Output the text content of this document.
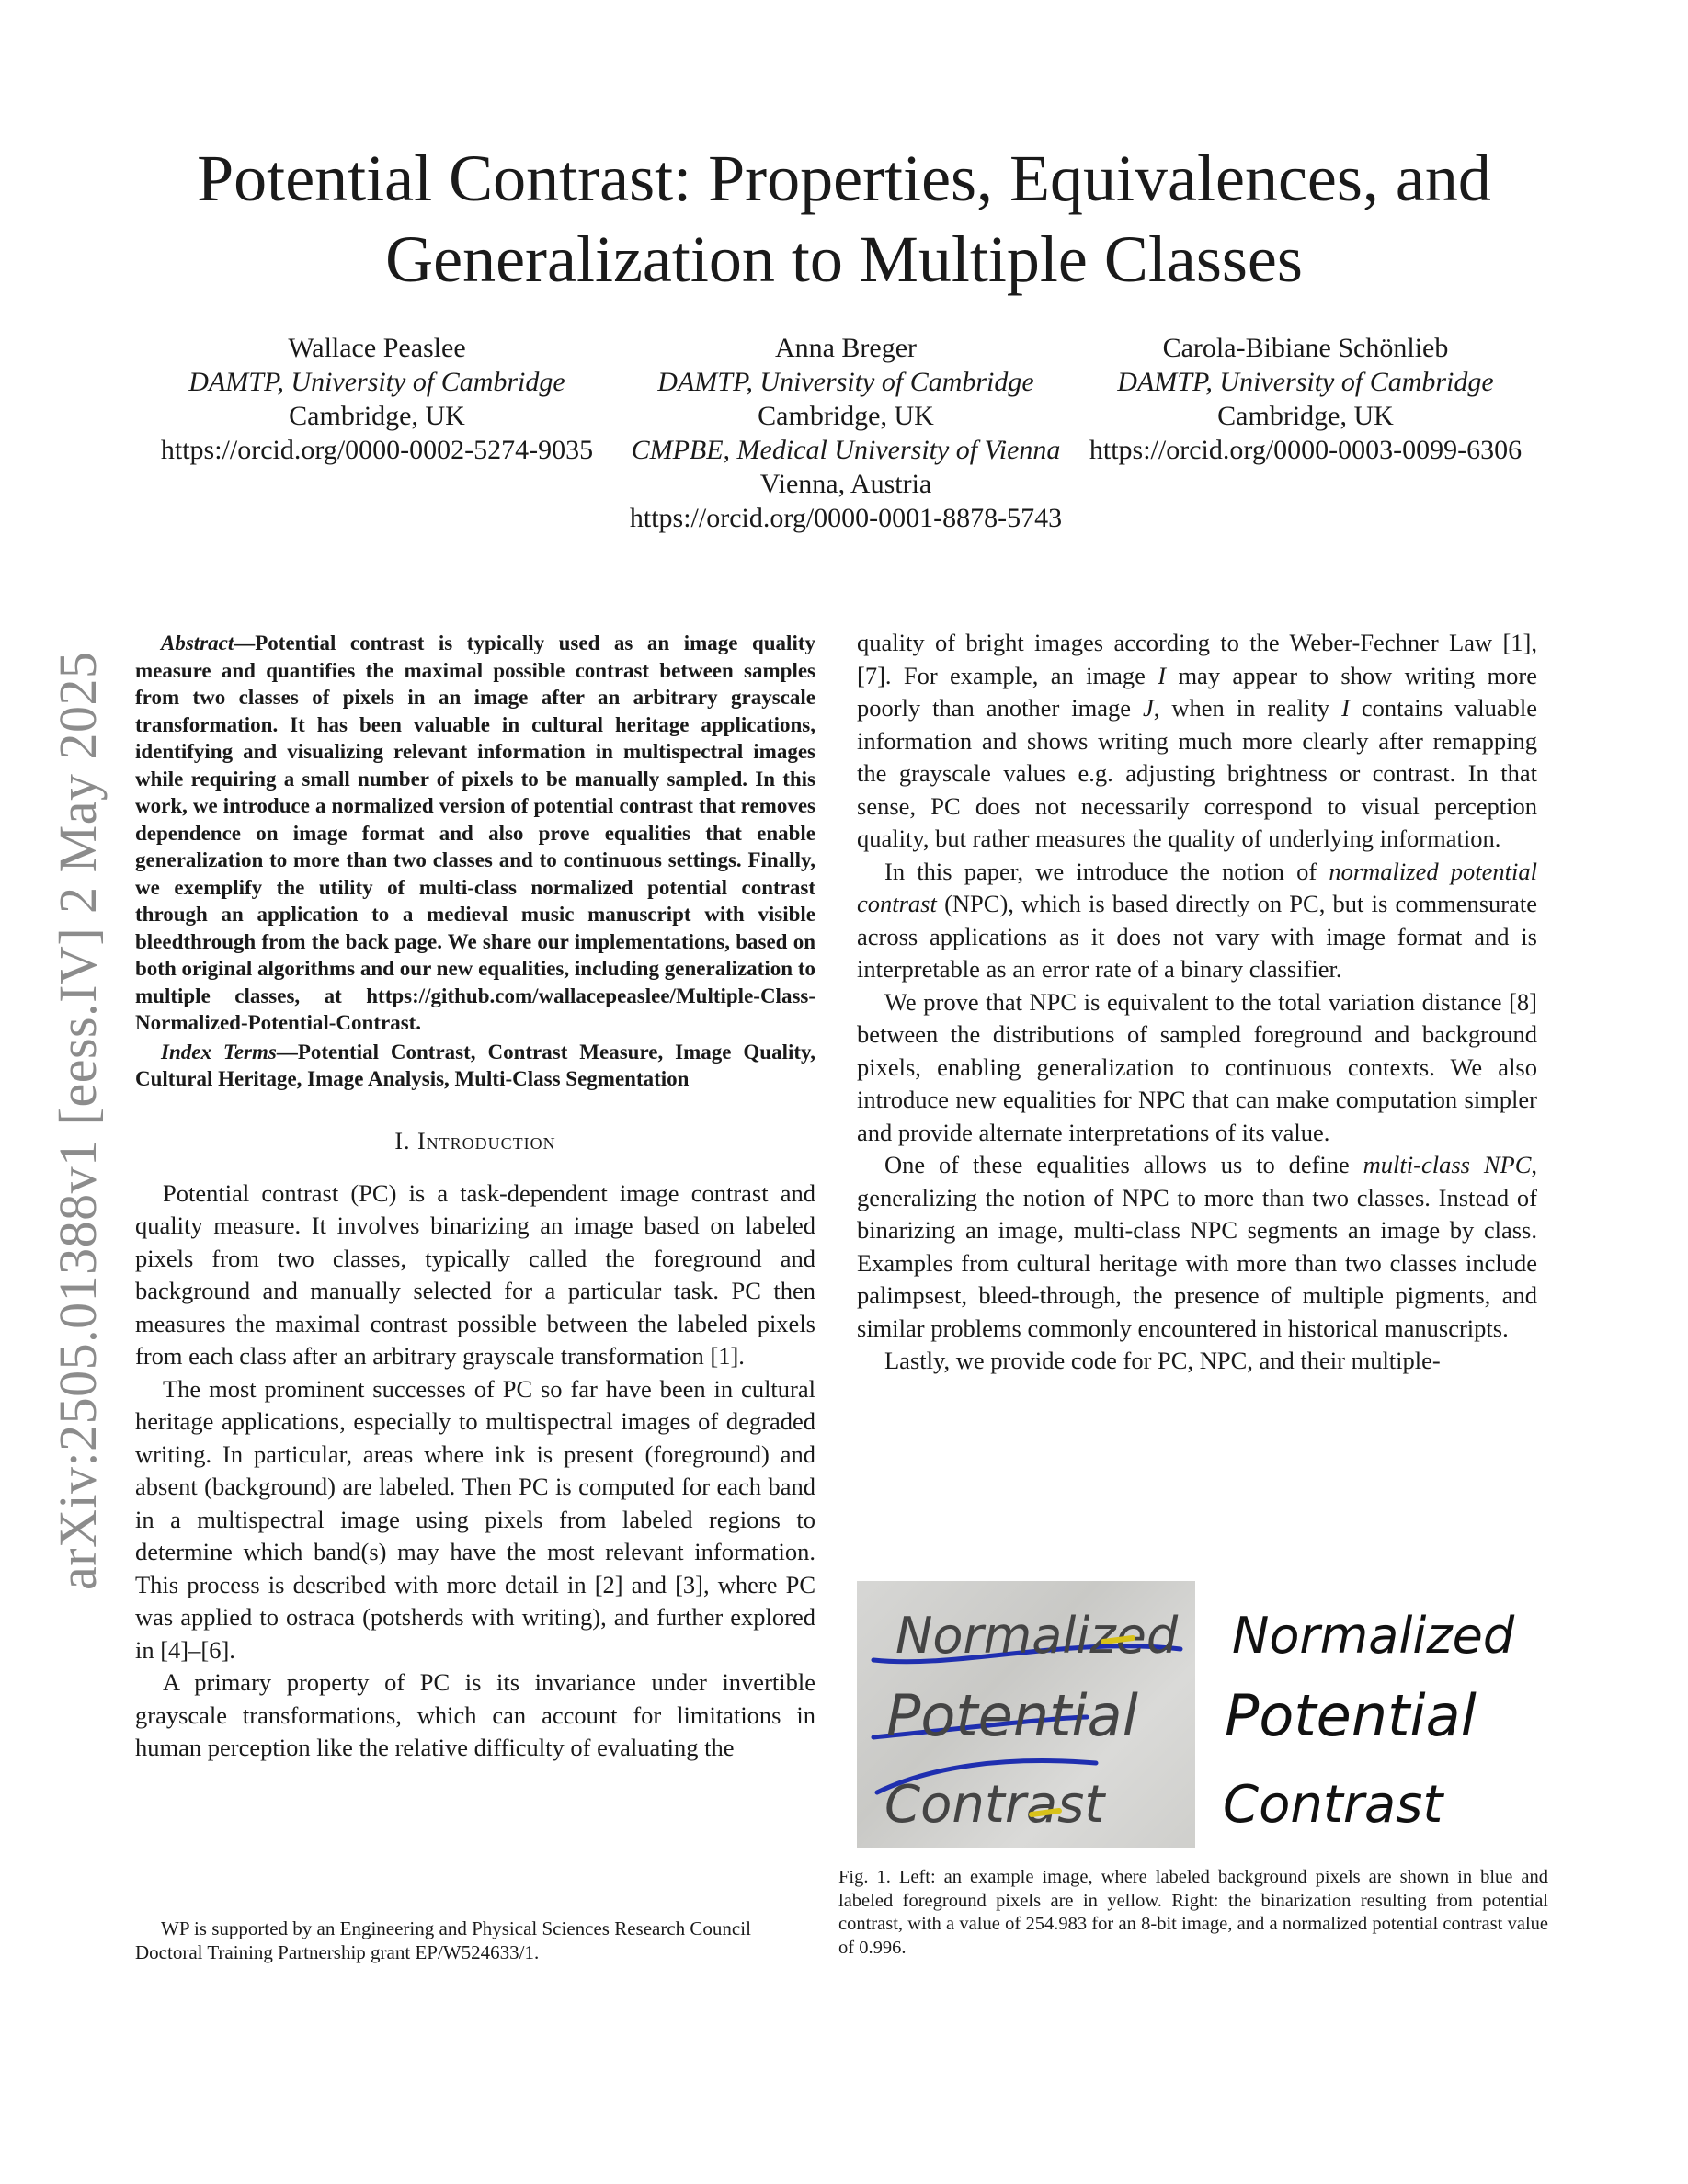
Potential Contrast: Properties, Equivalences, and
Generalization to Multiple Classes
Wallace Peaslee
DAMTP, University of Cambridge
Cambridge, UK
https://orcid.org/0000-0002-5274-9035
Anna Breger
DAMTP, University of Cambridge
Cambridge, UK
CMPBE, Medical University of Vienna
Vienna, Austria
https://orcid.org/0000-0001-8878-5743
Carola-Bibiane Schönlieb
DAMTP, University of Cambridge
Cambridge, UK
https://orcid.org/0000-0003-0099-6306
arXiv:2505.01388v1 [eess.IV] 2 May 2025

Abstract—Potential contrast is typically used as an image quality measure and quantifies the maximal possible contrast between samples from two classes of pixels in an image after an arbitrary grayscale transformation. It has been valuable in cultural heritage applications, identifying and visualizing relevant information in multispectral images while requiring a small number of pixels to be manually sampled. In this work, we introduce a normalized version of potential contrast that removes dependence on image format and also prove equalities that enable generalization to more than two classes and to continuous settings. Finally, we exemplify the utility of multi-class normalized potential contrast through an application to a medieval music manuscript with visible bleedthrough from the back page. We share our implementations, based on both original algorithms and our new equalities, including generalization to multiple classes, at https://github.com/wallacepeaslee/Multiple-Class-Normalized-Potential-Contrast.

Index Terms—Potential Contrast, Contrast Measure, Image Quality, Cultural Heritage, Image Analysis, Multi-Class Segmentation

I. Introduction

Potential contrast (PC) is a task-dependent image contrast and quality measure. It involves binarizing an image based on labeled pixels from two classes, typically called the foreground and background and manually selected for a particular task. PC then measures the maximal contrast possible between the labeled pixels from each class after an arbitrary grayscale transformation [1].

The most prominent successes of PC so far have been in cultural heritage applications, especially to multispectral images of degraded writing. In particular, areas where ink is present (foreground) and absent (background) are labeled. Then PC is computed for each band in a multispectral image using pixels from labeled regions to determine which band(s) may have the most relevant information. This process is described with more detail in [2] and [3], where PC was applied to ostraca (potsherds with writing), and further explored in [4]–[6].

A primary property of PC is its invariance under invertible grayscale transformations, which can account for limitations in human perception like the relative difficulty of evaluating the

WP is supported by an Engineering and Physical Sciences Research Council Doctoral Training Partnership grant EP/W524633/1.

quality of bright images according to the Weber-Fechner Law [1], [7]. For example, an image I may appear to show writing more poorly than another image J, when in reality I contains valuable information and shows writing much more clearly after remapping the grayscale values e.g. adjusting brightness or contrast. In that sense, PC does not necessarily correspond to visual perception quality, but rather measures the quality of underlying information.

In this paper, we introduce the notion of normalized potential contrast (NPC), which is based directly on PC, but is commensurate across applications as it does not vary with image format and is interpretable as an error rate of a binary classifier.

We prove that NPC is equivalent to the total variation distance [8] between the distributions of sampled foreground and background pixels, enabling generalization to continuous contexts. We also introduce new equalities for NPC that can make computation simpler and provide alternate interpretations of its value.

One of these equalities allows us to define multi-class NPC, generalizing the notion of NPC to more than two classes. Instead of binarizing an image, multi-class NPC segments an image by class. Examples from cultural heritage with more than two classes include palimpsest, bleed-through, the presence of multiple pigments, and similar problems commonly encountered in historical manuscripts.

Lastly, we provide code for PC, NPC, and their multiple-

Normalized
Potential
Contrast
Normalized
Potential
Contrast
Fig. 1. Left: an example image, where labeled background pixels are shown in blue and labeled foreground pixels are in yellow. Right: the binarization resulting from potential contrast, with a value of 254.983 for an 8-bit image, and a normalized potential contrast value of 0.996.
